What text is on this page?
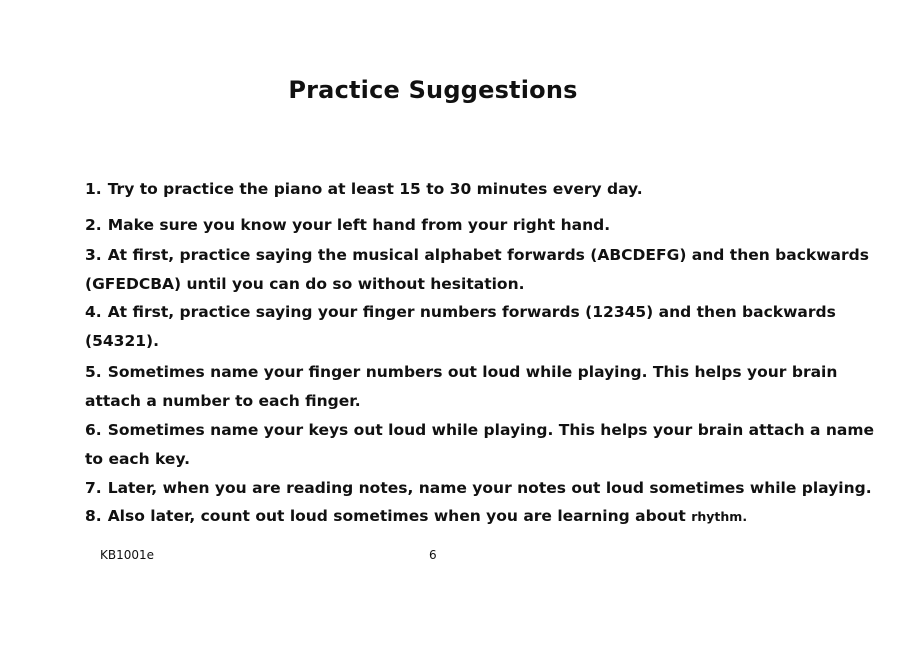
Practice Suggestions
1. Try to practice the piano at least 15 to 30 minutes every day.
2. Make sure you know your left hand from your right hand.
3. At first, practice saying the musical alphabet forwards (ABCDEFG) and then backwards
(GFEDCBA) until you can do so without hesitation.
4. At first, practice saying your finger numbers forwards (12345) and then backwards
(54321).
5. Sometimes name your finger numbers out loud while playing. This helps your brain
attach a number to each finger.
6. Sometimes name your keys out loud while playing. This helps your brain attach a name
to each key.
7. Later, when you are reading notes, name your notes out loud sometimes while playing.
8. Also later, count out loud sometimes when you are learning about rhythm.
KB1001e	6
